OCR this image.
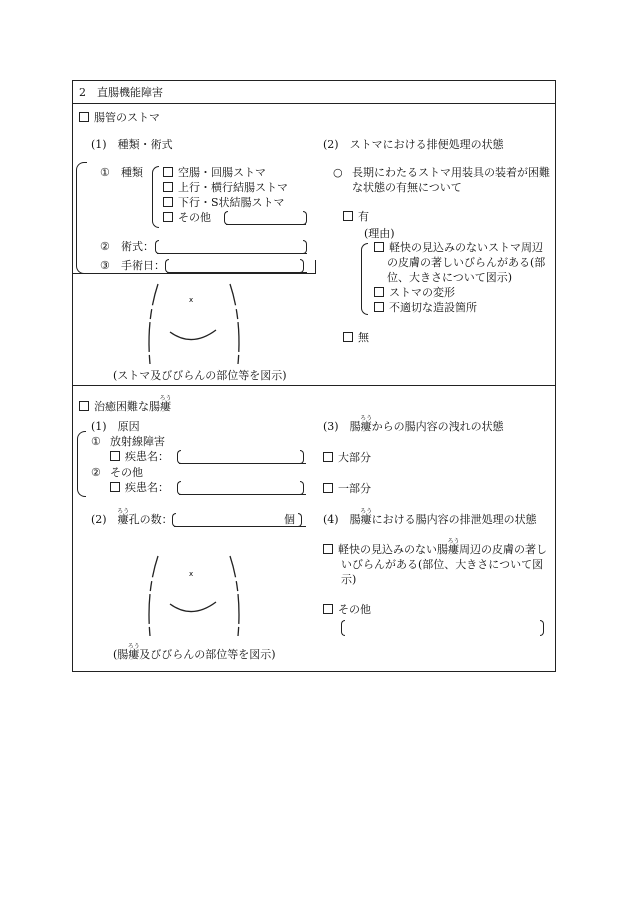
2　直腸機能障害
腸管のストマ
(1)　種類・術式
① 種類	空腸・回腸ストマ
上行・横行結腸ストマ
下行・S状結腸ストマ
その他
② 術式：
③ 手術日：
x
(ストマ及びびらんの部位等を図示)
(2)　ストマにおける排便処理の状態
○ 長期にわたるストマ用装具の装着が困難
な状態の有無について
有
(理由)
軽快の見込みのないストマ周辺
の皮膚の著しいびらんがある(部
位、大きさについて図示)
ストマの変形
不適切な造設箇所
無
治癒困難な腸瘻
ろう
(1)　原因
① 放射線障害
疾患名：
② その他
疾患名：
(2)　瘻
ろう
孔の数：	個
x
(腸瘻
ろう
及びびらんの部位等を図示)
(3)　腸瘻
ろう
からの腸内容の洩れの状態
大部分
一部分
(4)　腸瘻
ろう
における腸内容の排泄処理の状態
軽快の見込みのない腸瘻
ろう
周辺の皮膚の著し
いびらんがある(部位、大きさについて図
示)
その他
